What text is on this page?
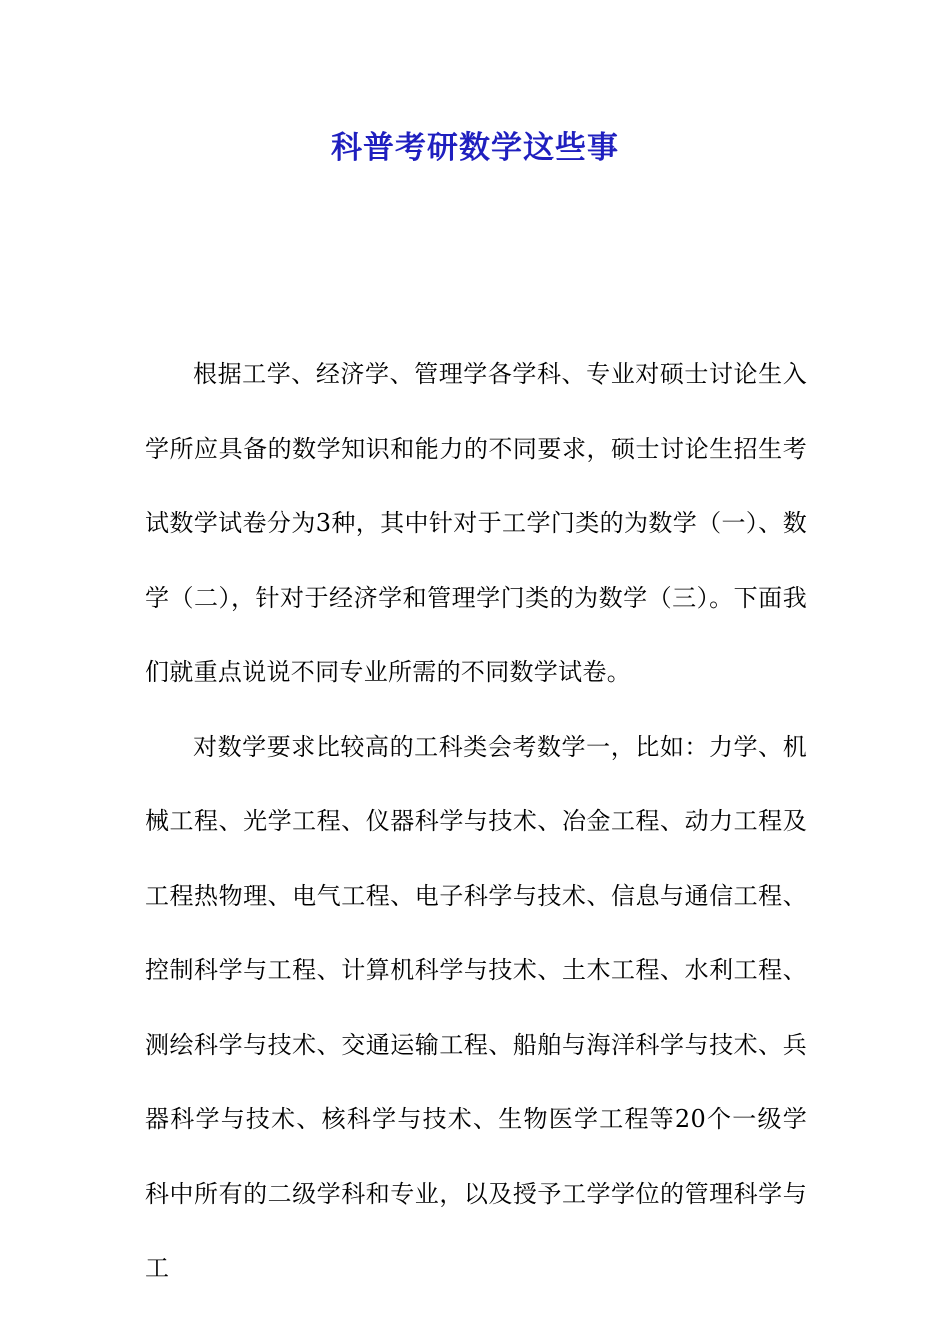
科普考研数学这些事

根据工学、经济学、管理学各学科、专业对硕士讨论生入学所应具备的数学知识和能力的不同要求，硕士讨论生招生考试数学试卷分为3种，其中针对于工学门类的为数学（一）、数学（二），针对于经济学和管理学门类的为数学（三）。下面我们就重点说说不同专业所需的不同数学试卷。

对数学要求比较高的工科类会考数学一，比如：力学、机械工程、光学工程、仪器科学与技术、冶金工程、动力工程及工程热物理、电气工程、电子科学与技术、信息与通信工程、控制科学与工程、计算机科学与技术、土木工程、水利工程、测绘科学与技术、交通运输工程、船舶与海洋科学与技术、兵器科学与技术、核科学与技术、生物医学工程等20个一级学科中所有的二级学科和专业，以及授予工学学位的管理科学与工
